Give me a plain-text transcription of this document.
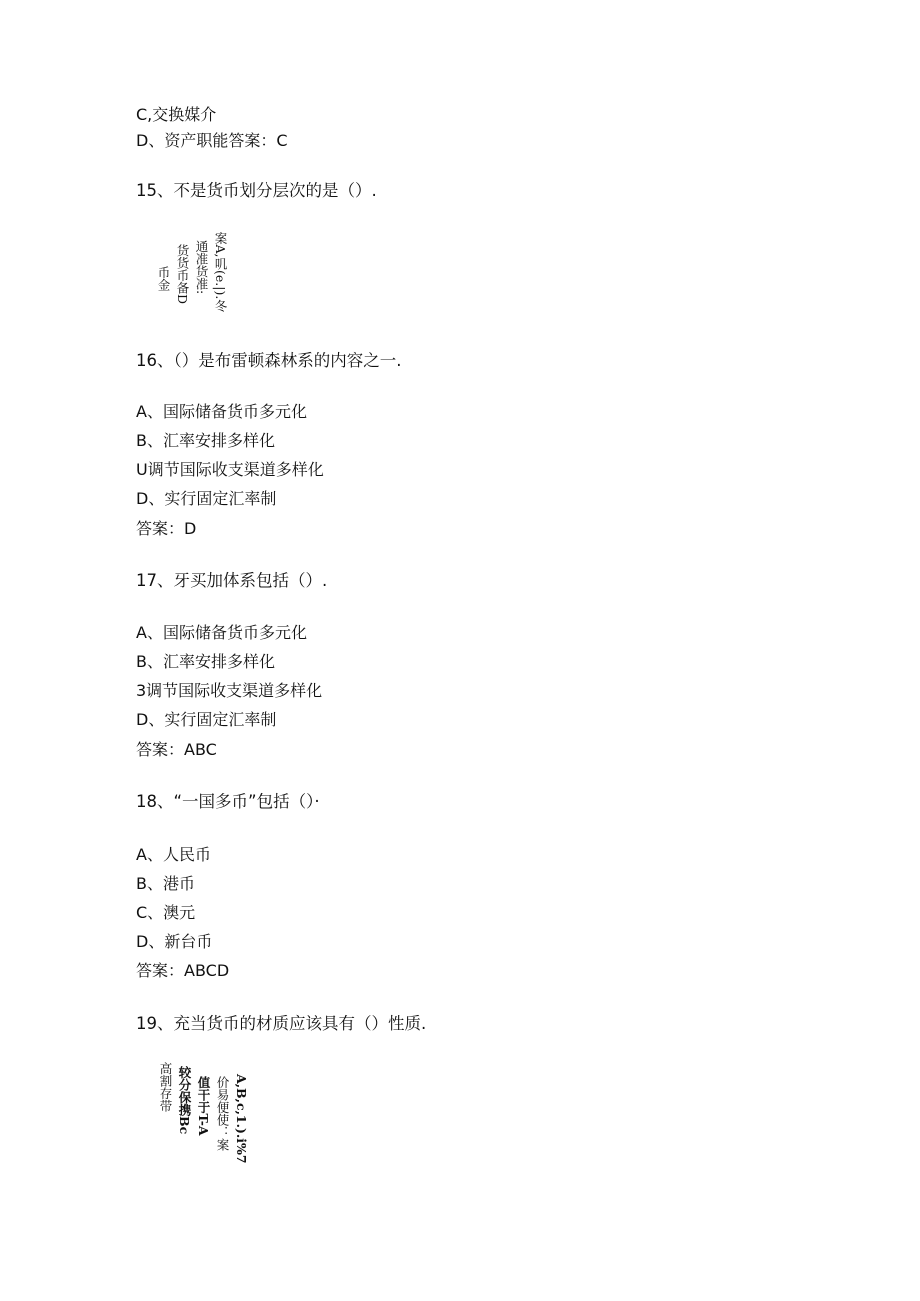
C,交换媒介
D、资产职能答案：C
15、不是货币划分层次的是（）.
案A,叽(e.|).冬
通准货准:
货货币备D
币金
16、（）是布雷顿森林系的内容之一.
A、国际储备货币多元化
B、汇率安排多样化
U调节国际收支渠道多样化
D、实行固定汇率制
答案：D
17、牙买加体系包括（）.
A、国际储备货币多元化
B、汇率安排多样化
3调节国际收支渠道多样化
D、实行固定汇率制
答案：ABC
18、“一国多币”包括（）·
A、人民币
B、港币
C、澳元
D、新台币
答案：ABCD
19、充当货币的材质应该具有（）性质.
A,B,c,1.).i%7
价易便使：案
值干于T-A
较分保携Bc
高割存带
